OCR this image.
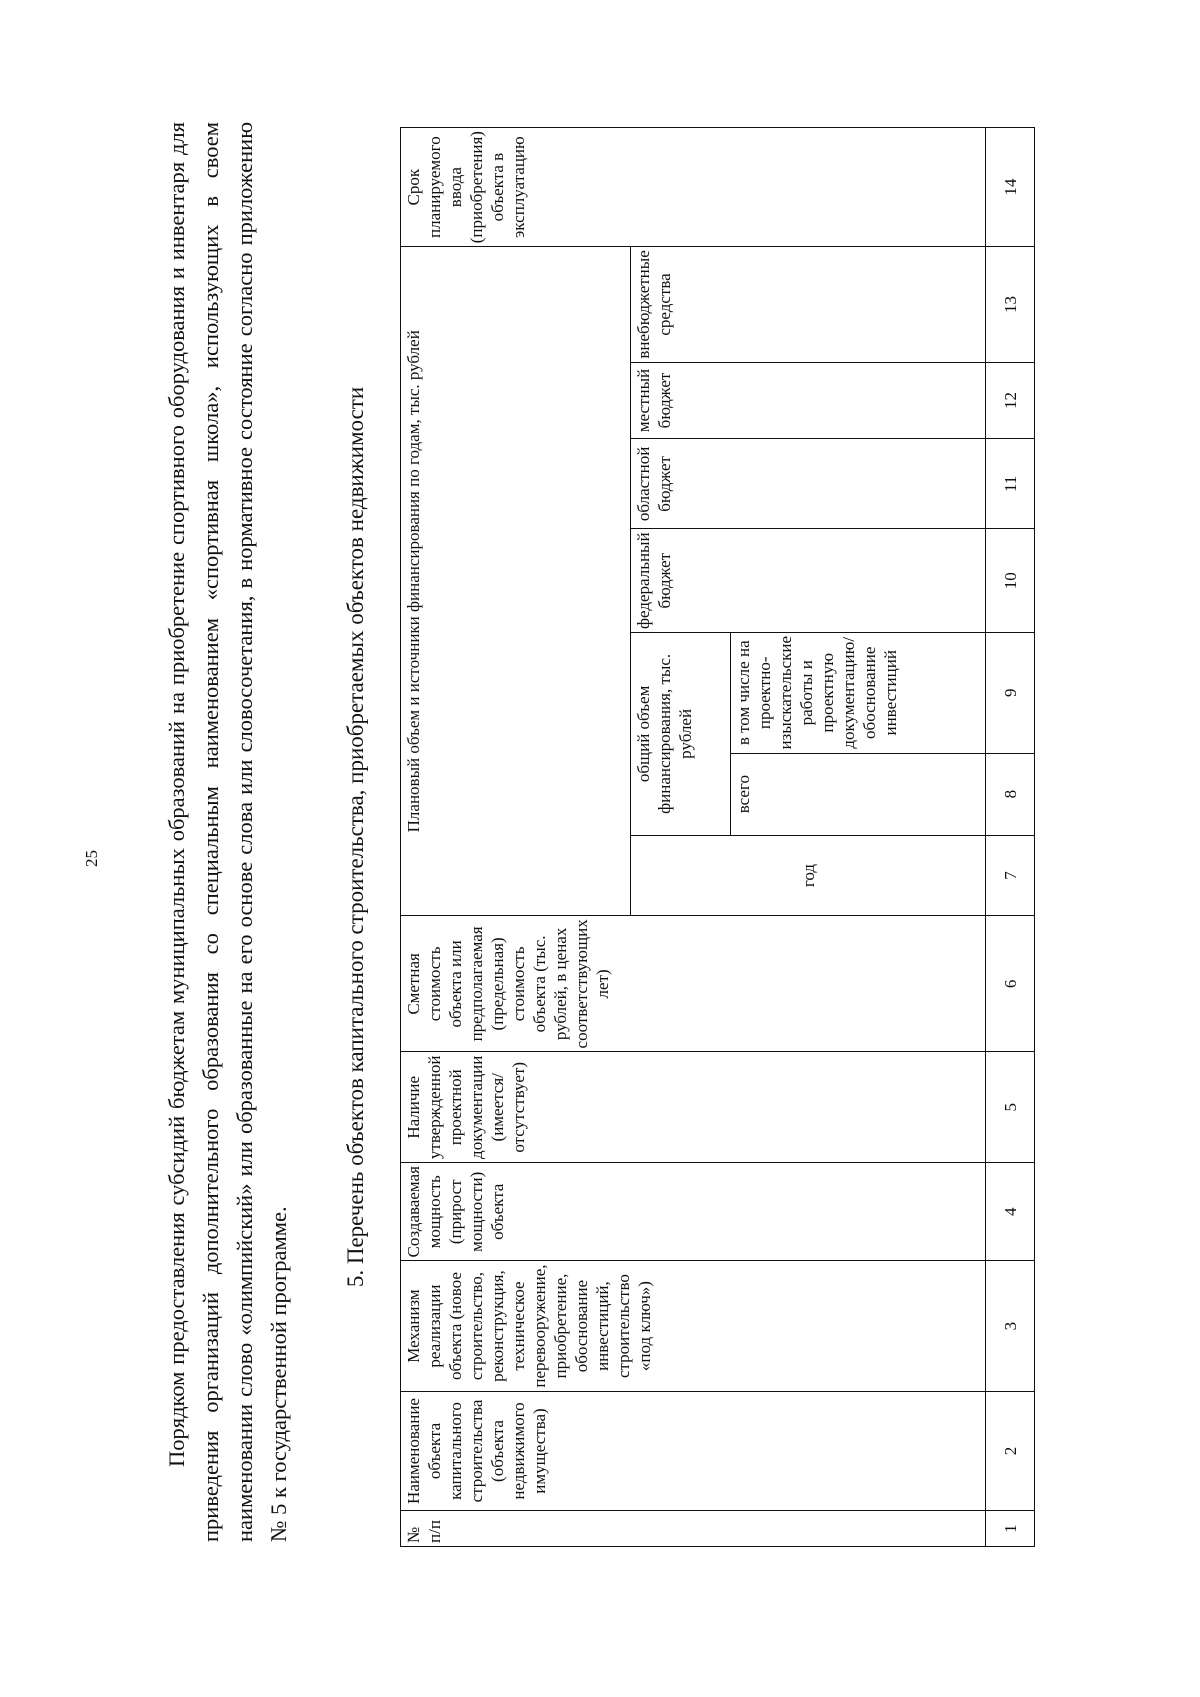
25	Порядком предоставления субсидий бюджетам муниципальных образований на приобретение спортивного оборудования и инвентаря для приведения организаций дополнительного образования со специальным наименованием «спортивная школа», использующих в своем наименовании слово «олимпийский» или образованные на его основе слова или словосочетания, в нормативное состояние согласно приложению № 5 к государственной программе.

5. Перечень объектов капитального строительства, приобретаемых объектов недвижимости
№ п/п	Наименование объекта капитального строительства (объекта недвижимого имущества)	Механизм реализации объекта (новое строительство, реконструкция, техническое перевооружение, приобретение, обоснование инвестиций, строительство «под ключ»)	Создаваемая мощность (прирост мощности) объекта	Наличие утвержденной проектной документации (имеется/отсутствует)	Сметная стоимость объекта или предполагаемая (предельная) стоимость объекта (тыс. рублей, в ценах соответствующих лет)	Плановый объем и источники финансирования по годам, тыс. рублей							Срок планируемого ввода (приобретения) объекта в эксплуатацию
						год	общий объем финансирования, тыс. рублей		федеральный бюджет	областной бюджет	местный бюджет	внебюджетные средства	
							всего	в том числе на проектно-изыскательские работы и проектную документацию/обоснование инвестиций					
1	2	3	4	5	6	7	8	9	10	11	12	13	14
